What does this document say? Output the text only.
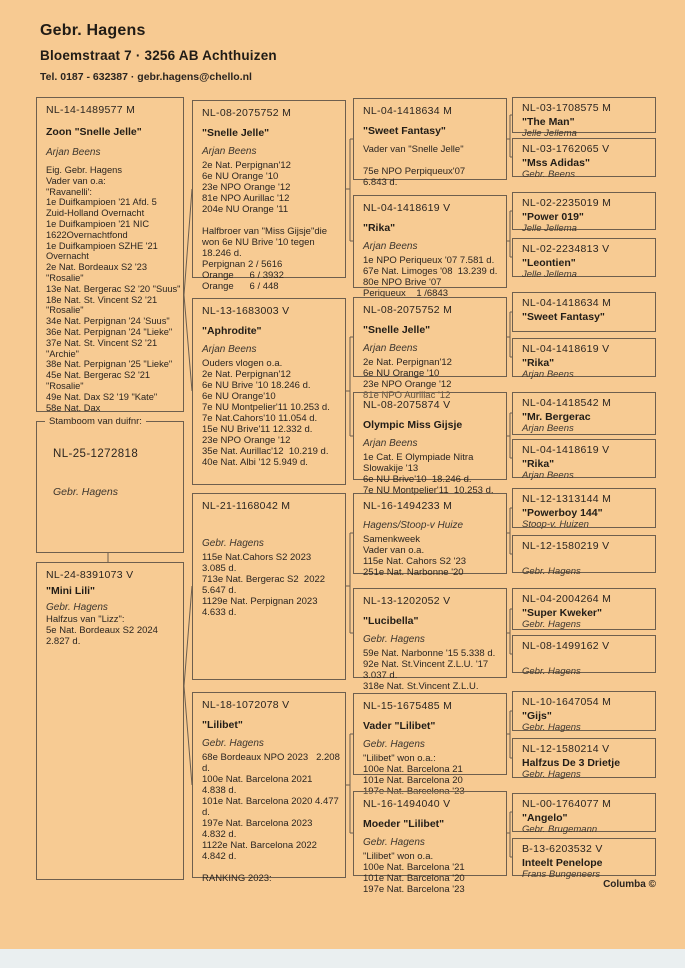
Gebr. Hagens
Bloemstraat 7 · 3256 AB Achthuizen
Tel. 0187 - 632387 · gebr.hagens@chello.nl
NL-14-1489577 M
Zoon "Snelle Jelle"
Arjan Beens
Eig. Gebr. Hagens
Vader van o.a:
"Ravanelli':
1e Duifkampioen '21 Afd. 5
Zuid-Holland Overnacht
1e Duifkampioen '21 NIC
1622Overnachtfond
1e Duifkampioen SZHE '21
Overnacht
2e Nat. Bordeaux S2 '23
"Rosalie"
13e Nat. Bergerac S2 '20 "Suus"
18e Nat. St. Vincent S2 '21
"Rosalie"
34e Nat. Perpignan '24 'Suus"
36e Nat. Perpignan '24 "Lieke"
37e Nat. St. Vincent S2 '21
"Archie"
38e Nat. Perpignan '25 "Lieke"
45e Nat. Bergerac S2 '21
"Rosalie"
49e Nat. Dax S2 '19 "Kate"
58e Nat. Dax
Stamboom van duifnr:
NL-25-1272818
Gebr. Hagens
NL-24-8391073 V
"Mini Lili"
Gebr. Hagens
Halfzus van "Lizz":
5e Nat. Bordeaux S2 2024
2.827 d.
NL-08-2075752 M
"Snelle Jelle"
Arjan Beens
2e Nat. Perpignan'12
6e NU Orange '10
23e NPO Orange '12
81e NPO Aurillac '12
204e NU Orange '11

Halfbroer van "Miss Gijsje"die
won 6e NU Brive '10 tegen
18.246 d.
Perpignan 2 / 5616
Orange      6 / 3932
Orange      6 / 448
NL-13-1683003 V
"Aphrodite"
Arjan Beens
Ouders vlogen o.a.
2e Nat. Perpignan'12
6e NU Brive '10 18.246 d.
6e NU Orange'10
7e NU Montpelier'11 10.253 d.
7e Nat.Cahors'10 11.054 d.
15e NU Brive'11 12.332 d.
23e NPO Orange '12
35e Nat. Aurillac'12  10.219 d.
40e Nat. Albi '12 5.949 d.
NL-21-1168042 M
Gebr. Hagens
115e Nat.Cahors S2 2023
3.085 d.
713e Nat. Bergerac S2  2022
5.647 d.
1129e Nat. Perpignan 2023
4.633 d.
NL-18-1072078 V
"Lilibet"
Gebr. Hagens
68e Bordeaux NPO 2023   2.208
d.
100e Nat. Barcelona 2021
4.838 d.
101e Nat. Barcelona 2020 4.477
d.
197e Nat. Barcelona 2023
4.832 d.
1122e Nat. Barcelona 2022
4.842 d.

RANKING 2023:
NL-04-1418634 M
"Sweet Fantasy"
Vader van "Snelle Jelle"

75e NPO Perpiqueux'07
6.843 d.
NL-04-1418619 V
"Rika"
Arjan Beens
1e NPO Periqueux '07 7.581 d.
67e Nat. Limoges '08  13.239 d.
80e NPO Brive '07
Periqueux    1 /6843
NL-08-2075752 M
"Snelle Jelle"
Arjan Beens
2e Nat. Perpignan'12
6e NU Orange '10
23e NPO Orange '12
81e NPO Aurillac '12
NL-08-2075874 V
Olympic Miss Gijsje
Arjan Beens
1e Cat. E Olympiade Nitra
Slowakije '13
6e NU Brive'10  18.246 d.
7e NU Montpelier'11  10.253 d.
NL-16-1494233 M
Hagens/Stoop-v Huize
Samenkweek
Vader van o.a.
115e Nat. Cahors S2 '23
251e Nat. Narbonne '20
NL-13-1202052 V
"Lucibella"
Gebr. Hagens
59e Nat. Narbonne '15 5.338 d.
92e Nat. St.Vincent Z.L.U. '17
3.037 d.
318e Nat. St.Vincent Z.L.U.
NL-15-1675485 M
Vader "Lilibet"
Gebr. Hagens
"Lilibet" won o.a.:
100e Nat. Barcelona 21
101e Nat. Barcelona 20
197e Nat. Barcelona '23
NL-16-1494040 V
Moeder "Lilibet"
Gebr. Hagens
"Lilibet" won o.a.
100e Nat. Barcelona '21
101e Nat. Barcelona '20
197e Nat. Barcelona '23
NL-03-1708575 M
"The Man"
Jelle Jellema
NL-03-1762065 V
"Mss Adidas"
Gebr. Beens
NL-02-2235019 M
"Power 019"
Jelle Jellema
NL-02-2234813 V
"Leontien"
Jelle Jellema
NL-04-1418634 M
"Sweet Fantasy"
NL-04-1418619 V
"Rika"
Arjan Beens
NL-04-1418542 M
"Mr. Bergerac
Arjan Beens
NL-04-1418619 V
"Rika"
Arjan Beens
NL-12-1313144 M
"Powerboy 144"
Stoop-v. Huizen
NL-12-1580219 V
Gebr. Hagens
NL-04-2004264 M
"Super Kweker"
Gebr. Hagens
NL-08-1499162 V
Gebr. Hagens
NL-10-1647054 M
"Gijs"
Gebr. Hagens
NL-12-1580214 V
Halfzus De 3 Drietje
Gebr. Hagens
NL-00-1764077 M
"Angelo"
Gebr. Brugemann
B-13-6203532 V
Inteelt Penelope
Frans Bungeneers
Columba ©
